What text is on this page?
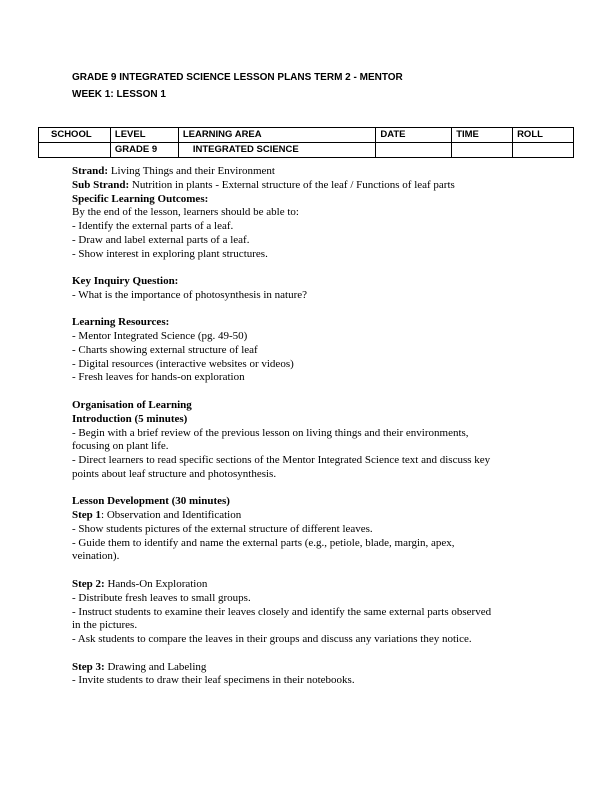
GRADE 9 INTEGRATED SCIENCE LESSON PLANS TERM 2 - MENTOR
WEEK 1: LESSON 1
SCHOOL	LEVEL	LEARNING AREA	DATE	TIME	ROLL
	GRADE 9	INTEGRATED SCIENCE			
Strand: Living Things and their Environment
Sub Strand: Nutrition in plants - External structure of the leaf / Functions of leaf parts
Specific Learning Outcomes:
By the end of the lesson, learners should be able to:
- Identify the external parts of a leaf.
- Draw and label external parts of a leaf.
- Show interest in exploring plant structures.
Key Inquiry Question:
- What is the importance of photosynthesis in nature?
Learning Resources:
- Mentor Integrated Science (pg. 49-50)
- Charts showing external structure of leaf
- Digital resources (interactive websites or videos)
- Fresh leaves for hands-on exploration
Organisation of Learning
Introduction (5 minutes)
- Begin with a brief review of the previous lesson on living things and their environments,
focusing on plant life.
- Direct learners to read specific sections of the Mentor Integrated Science text and discuss key
points about leaf structure and photosynthesis.
Lesson Development (30 minutes)
Step 1: Observation and Identification
- Show students pictures of the external structure of different leaves.
- Guide them to identify and name the external parts (e.g., petiole, blade, margin, apex,
veination).
Step 2: Hands-On Exploration
- Distribute fresh leaves to small groups.
- Instruct students to examine their leaves closely and identify the same external parts observed
in the pictures.
- Ask students to compare the leaves in their groups and discuss any variations they notice.
Step 3: Drawing and Labeling
- Invite students to draw their leaf specimens in their notebooks.
